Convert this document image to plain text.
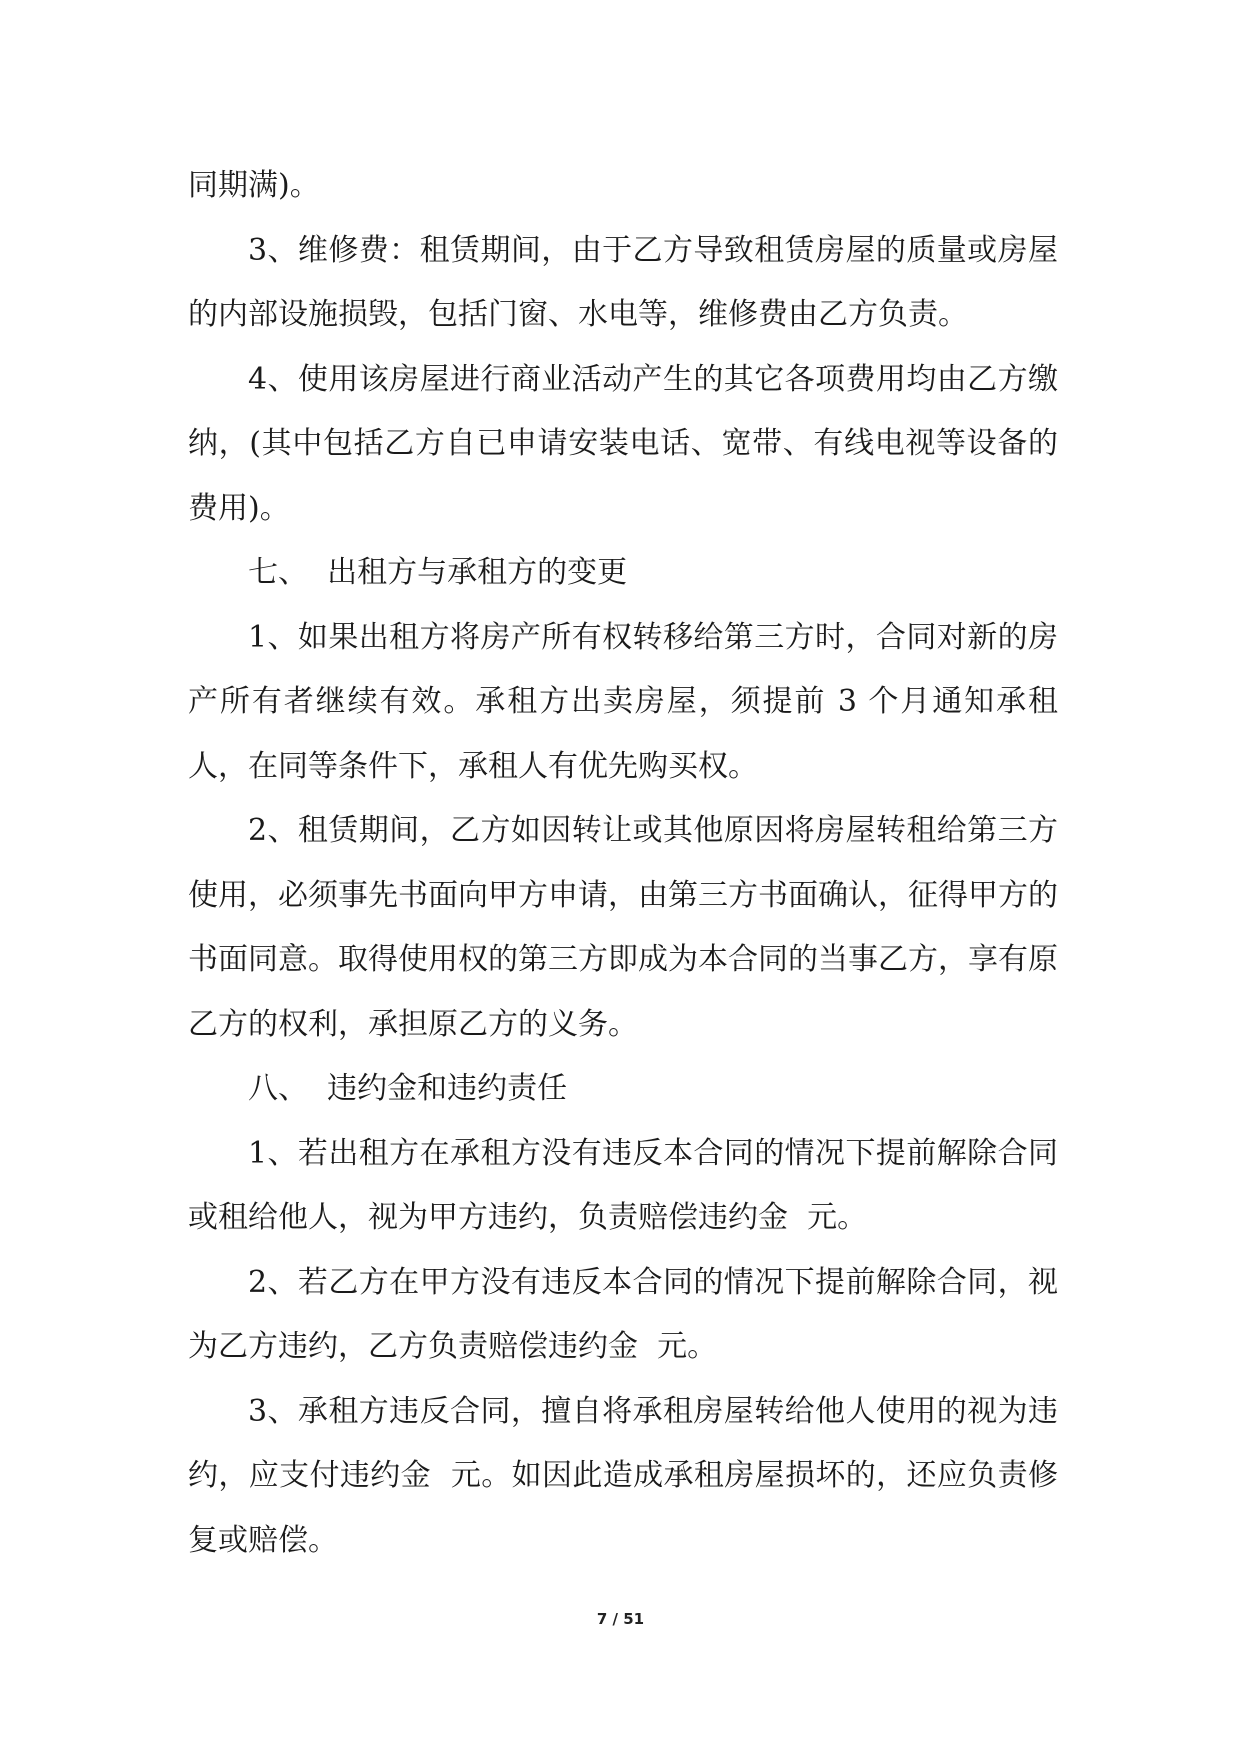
同期满)。

3、维修费：租赁期间，由于乙方导致租赁房屋的质量或房屋的内部设施损毁，包括门窗、水电等，维修费由乙方负责。

4、使用该房屋进行商业活动产生的其它各项费用均由乙方缴纳，(其中包括乙方自已申请安装电话、宽带、有线电视等设备的费用)。

七、  出租方与承租方的变更

1、如果出租方将房产所有权转移给第三方时，合同对新的房产所有者继续有效。承租方出卖房屋，须提前 3 个月通知承租人，在同等条件下，承租人有优先购买权。

2、租赁期间，乙方如因转让或其他原因将房屋转租给第三方使用，必须事先书面向甲方申请，由第三方书面确认，征得甲方的书面同意。取得使用权的第三方即成为本合同的当事乙方，享有原乙方的权利，承担原乙方的义务。

八、  违约金和违约责任

1、若出租方在承租方没有违反本合同的情况下提前解除合同或租给他人，视为甲方违约，负责赔偿违约金  元。

2、若乙方在甲方没有违反本合同的情况下提前解除合同，视为乙方违约，乙方负责赔偿违约金  元。

3、承租方违反合同，擅自将承租房屋转给他人使用的视为违约，应支付违约金  元。如因此造成承租房屋损坏的，还应负责修复或赔偿。

7 / 51
